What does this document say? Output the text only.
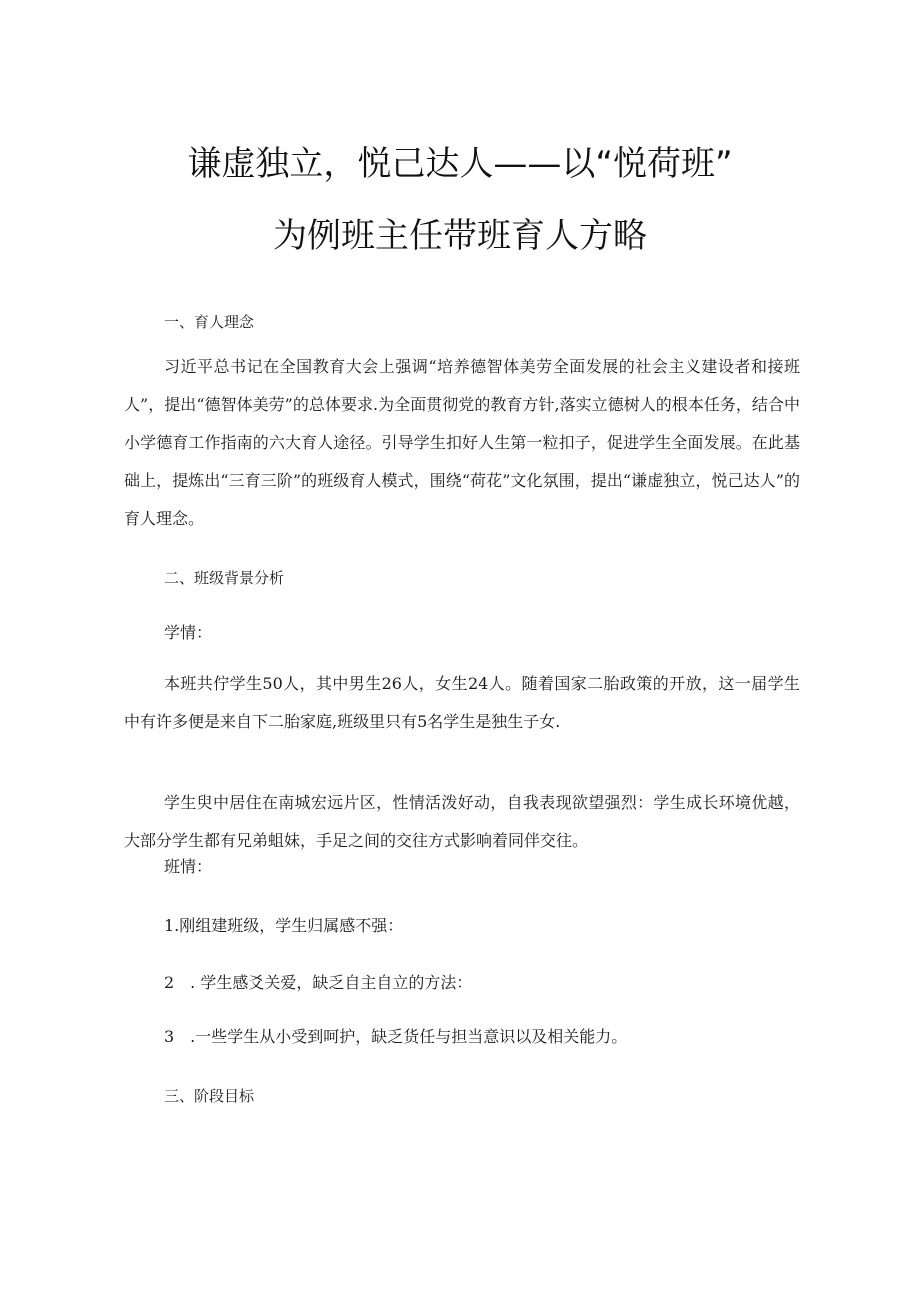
谦虚独立，悦己达人——以“悦荷班”
为例班主任带班育人方略
一、育人理念

习近平总书记在全国教育大会上强调“培养德智体美劳全面发展的社会主义建设者和接班人”，提出“德智体美劳”的总体要求.为全面贯彻党的教育方针,落实立德树人的根本任务，结合中小学德育工作指南的六大育人途径。引导学生扣好人生第一粒扣子，促进学生全面发展。在此基础上，提炼出“三育三阶”的班级育人模式，围绕“荷花”文化氛围，提出“谦虚独立，悦己达人”的育人理念。

二、班级背景分析
学情：

本班共佇学生50人，其中男生26人，女生24人。随着国家二胎政策的开放，这一届学生中有许多便是来自下二胎家庭,班级里只有5名学生是独生子女.

学生臾中居住在南城宏远片区，性情活泼好动，自我表现欲望强烈：学生成长环境优越，大部分学生都有兄弟蛆妹，手足之间的交往方式影响着同伴交往。

班情：
1.刚组建班级，学生归属感不强：
2　. 学生感爻关爱，缺乏自主自立的方法：
3　.一些学生从小受到呵护，缺乏货任与担当意识以及相关能力。
三、阶段目标
